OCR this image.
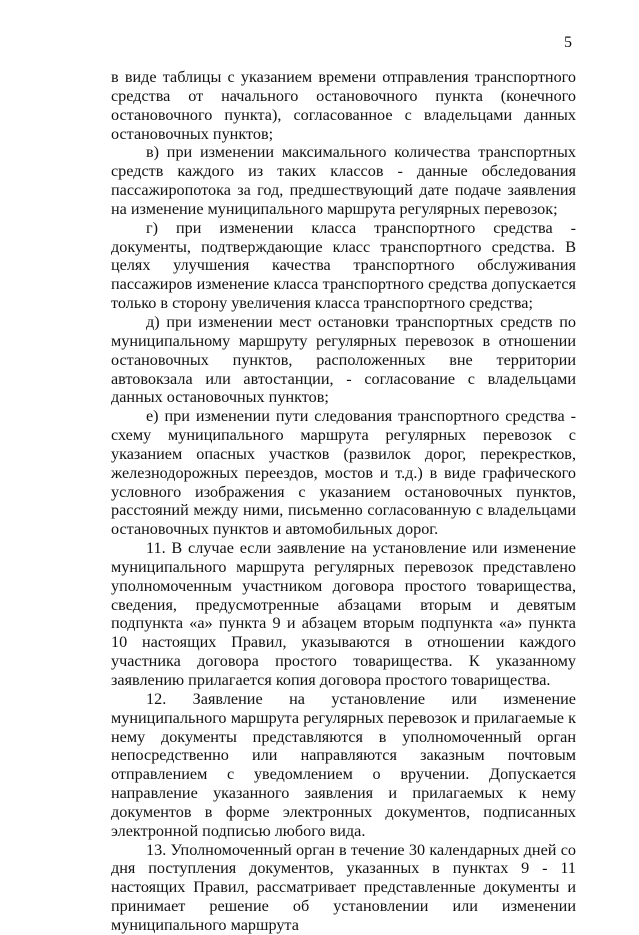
5

в виде таблицы с указанием времени отправления транспортного средства от начального остановочного пункта (конечного остановочного пункта), согласованное с владельцами данных остановочных пунктов;

в) при изменении максимального количества транспортных средств каждого из таких классов - данные обследования пассажиропотока за год, предшествующий дате подаче заявления на изменение муниципального маршрута регулярных перевозок;

г) при изменении класса транспортного средства - документы, подтверждающие класс транспортного средства. В целях улучшения качества транспортного обслуживания пассажиров изменение класса транспортного средства допускается только в сторону увеличения класса транспортного средства;

д) при изменении мест остановки транспортных средств по муниципальному маршруту регулярных перевозок в отношении остановочных пунктов, расположенных вне территории автовокзала или автостанции, - согласование с владельцами данных остановочных пунктов;

е) при изменении пути следования транспортного средства - схему муниципального маршрута регулярных перевозок с указанием опасных участков (развилок дорог, перекрестков, железнодорожных переездов, мостов и т.д.) в виде графического условного изображения с указанием остановочных пунктов, расстояний между ними, письменно согласованную с владельцами остановочных пунктов и автомобильных дорог.

11. В случае если заявление на установление или изменение муниципального маршрута регулярных перевозок представлено уполномоченным участником договора простого товарищества, сведения, предусмотренные абзацами вторым и девятым подпункта «а» пункта 9 и абзацем вторым подпункта «а» пункта 10 настоящих Правил, указываются в отношении каждого участника договора простого товарищества. К указанному заявлению прилагается копия договора простого товарищества.

12. Заявление на установление или изменение муниципального маршрута регулярных перевозок и прилагаемые к нему документы представляются в уполномоченный орган непосредственно или направляются заказным почтовым отправлением с уведомлением о вручении. Допускается направление указанного заявления и прилагаемых к нему документов в форме электронных документов, подписанных электронной подписью любого вида.

13. Уполномоченный орган в течение 30 календарных дней со дня поступления документов, указанных в пунктах 9 - 11 настоящих Правил, рассматривает представленные документы и принимает решение об установлении или изменении муниципального маршрута
